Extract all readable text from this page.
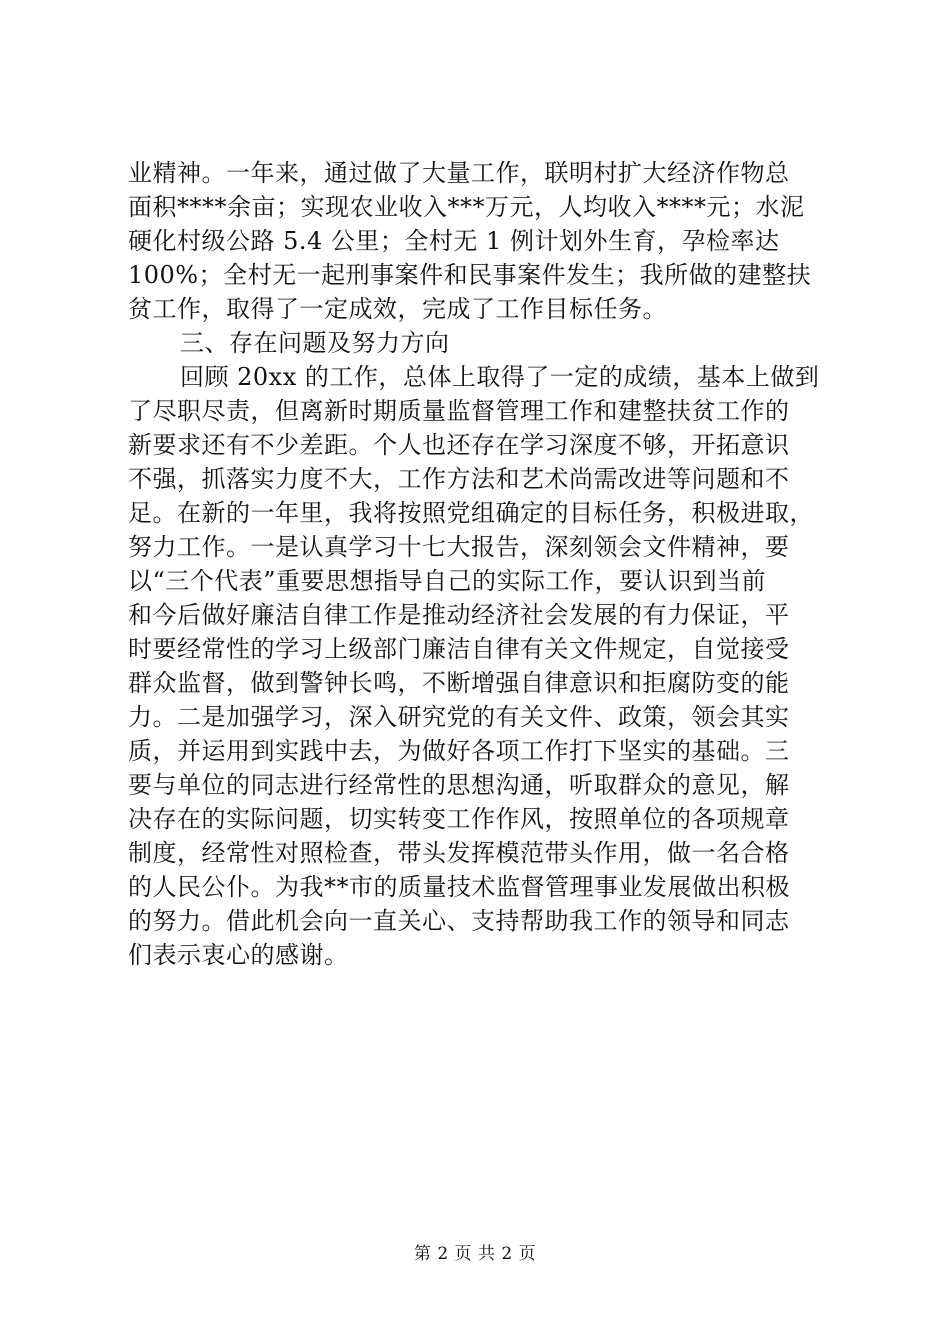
业精神。一年来，通过做了大量工作，联明村扩大经济作物总
面积****余亩；实现农业收入***万元，人均收入****元；水泥
硬化村级公路 5.4 公里；全村无 1 例计划外生育，孕检率达
100%；全村无一起刑事案件和民事案件发生；我所做的建整扶
贫工作，取得了一定成效，完成了工作目标任务。
三、存在问题及努力方向
回顾 20xx 的工作，总体上取得了一定的成绩，基本上做到
了尽职尽责，但离新时期质量监督管理工作和建整扶贫工作的
新要求还有不少差距。个人也还存在学习深度不够，开拓意识
不强，抓落实力度不大，工作方法和艺术尚需改进等问题和不
足。在新的一年里，我将按照党组确定的目标任务，积极进取，
努力工作。一是认真学习十七大报告，深刻领会文件精神，要
以“三个代表”重要思想指导自己的实际工作，要认识到当前
和今后做好廉洁自律工作是推动经济社会发展的有力保证，平
时要经常性的学习上级部门廉洁自律有关文件规定，自觉接受
群众监督，做到警钟长鸣，不断增强自律意识和拒腐防变的能
力。二是加强学习，深入研究党的有关文件、政策，领会其实
质，并运用到实践中去，为做好各项工作打下坚实的基础。三
要与单位的同志进行经常性的思想沟通，听取群众的意见，解
决存在的实际问题，切实转变工作作风，按照单位的各项规章
制度，经常性对照检查，带头发挥模范带头作用，做一名合格
的人民公仆。为我**市的质量技术监督管理事业发展做出积极
的努力。借此机会向一直关心、支持帮助我工作的领导和同志
们表示衷心的感谢。
第 2 页 共 2 页
